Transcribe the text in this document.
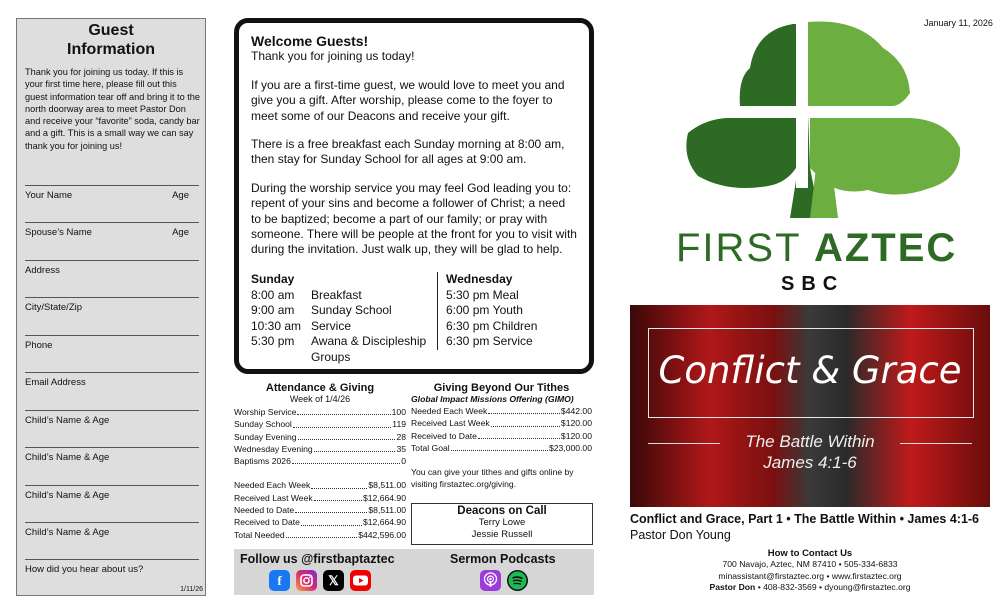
Guest
Information
Thank you for joining us today. If this is your first time here, please fill out this guest information tear off and bring it to the north doorway area to meet Pastor Don and receive your “favorite” soda, candy bar and a gift. This is a small way we can say thank you for joining us!
Your Name	Age
Spouse’s Name	Age
Address
City/State/Zip
Phone
Email Address
Child’s Name & Age
Child’s Name & Age
Child’s Name & Age
Child’s Name & Age
How did you hear about us?
1/11/26
Welcome Guests!

Thank you for joining us today!

If you are a first-time guest, we would love to meet you and give you a gift. After worship, please come to the foyer to meet some of our Deacons and receive your gift.

There is a free breakfast each Sunday morning at 8:00 am, then stay for Sunday School for all ages at 9:00 am.

During the worship service you may feel God leading you to: repent of your sins and become a follower of Christ; a need to be baptized; become a part of our family; or pray with someone. There will be people at the front for you to visit with during the invitation. Just walk up, they will be glad to help.

Sunday
8:00 am	Breakfast
9:00 am	Sunday School
10:30 am Service
5:30 pm	Awana & Discipleship Groups
Wednesday
5:30 pm Meal
6:00 pm Youth
6:30 pm Children
6:30 pm Service
Attendance & Giving
Week of 1/4/26
Worship Service	100
Sunday School	119
Sunday Evening	28
Wednesday Evening	35
Baptisms 2026	0
Needed Each Week	$8,511.00
Received Last Week	$12,664.90
Needed to Date	$8,511.00
Received to Date	$12,664.90
Total Needed	$442,596.00
Giving Beyond Our Tithes
Global Impact Missions Offering (GIMO)
Needed Each Week	$442.00
Received Last Week	$120.00
Received to Date	$120.00
Total Goal	$23,000.00
You can give your tithes and gifts online by visiting firstaztec.org/giving.
Deacons on Call
Terry Lowe
Jessie Russell
Follow us @firstbaptaztec	Sermon Podcasts
f	𝕏
January 11, 2026
FIRST AZTEC
SBC
Conflict & Grace
The Battle Within
James 4:1-6
Conflict and Grace, Part 1 • The Battle Within • James 4:1-6
Pastor Don Young
How to Contact Us
700 Navajo, Aztec, NM 87410 • 505-334-6833
minassistant@firstaztec.org • www.firstaztec.org
Pastor Don • 408-832-3569 • dyoung@firstaztec.org
